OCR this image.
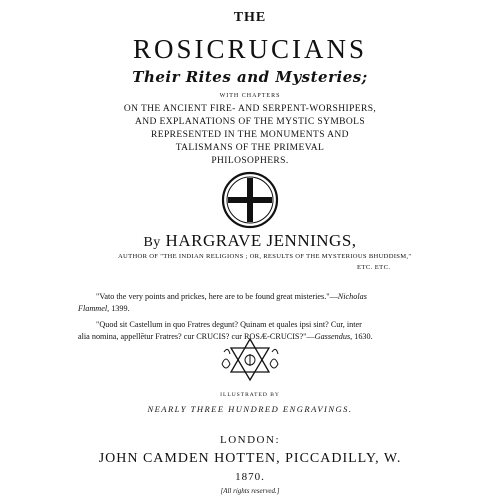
THE
ROSICRUCIANS
Their Rites and Mysteries;
WITH CHAPTERS
ON THE ANCIENT FIRE- AND SERPENT-WORSHIPERS,
AND EXPLANATIONS OF THE MYSTIC SYMBOLS
REPRESENTED IN THE MONUMENTS AND
TALISMANS OF THE PRIMEVAL
PHILOSOPHERS.
By HARGRAVE JENNINGS,
AUTHOR OF "THE INDIAN RELIGIONS ; OR, RESULTS OF THE MYSTERIOUS BHUDDISM,"
ETC. ETC.
"Vato the very points and prickes, here are to be found great misteries."—Nicholas
Flammel, 1399.
"Quod sit Castellum in quo Fratres degunt? Quinam et quales ipsi sint? Cur, inter
alia nomina, appellētur Fratres? cur CRUCIS? cur ROSÆ-CRUCIS?"—Gassendus, 1630.
ILLUSTRATED BY
NEARLY THREE HUNDRED ENGRAVINGS.
LONDON:
JOHN CAMDEN HOTTEN, PICCADILLY, W.
1870.
[All rights reserved.]
